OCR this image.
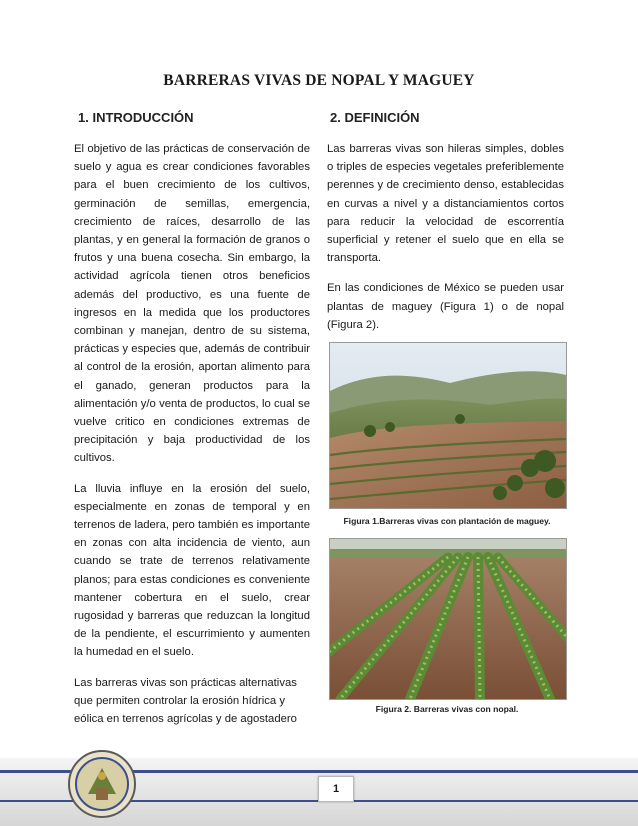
BARRERAS VIVAS DE NOPAL Y MAGUEY
1. INTRODUCCIÓN	2. DEFINICIÓN

El objetivo de las prácticas de conservación de suelo y agua es crear condiciones favorables para el buen crecimiento de los cultivos, germinación de semillas, emergencia, crecimiento de raíces, desarrollo de las plantas, y en general la formación de granos o frutos y una buena cosecha. Sin embargo, la actividad agrícola tienen otros beneficios además del productivo, es una fuente de ingresos en la medida que los productores combinan y manejan, dentro de su sistema, prácticas y especies que, además de contribuir al control de la erosión, aportan alimento para el ganado, generan productos para la alimentación y/o venta de productos, lo cual se vuelve critico en condiciones extremas de precipitación y baja productividad de los cultivos.

La lluvia influye en la erosión del suelo, especialmente en zonas de temporal y en terrenos de ladera, pero también es importante en zonas con alta incidencia de viento, aun cuando se trate de terrenos relativamente planos; para estas condiciones es conveniente mantener cobertura en el suelo, crear rugosidad y barreras que reduzcan la longitud de la pendiente, el escurrimiento y aumenten la humedad en el suelo.

Las barreras vivas son prácticas alternativas que permiten controlar la erosión hídrica y eólica en terrenos agrícolas y de agostadero

Las barreras vivas son hileras simples, dobles o triples de especies vegetales preferiblemente perennes y de crecimiento denso, establecidas en curvas a nivel y a distanciamientos cortos para reducir la velocidad de escorrentía superficial y retener el suelo que en ella se transporta.

En las condiciones de México se pueden usar plantas de maguey (Figura 1) o de nopal (Figura 2).

Figura 1.Barreras vivas con plantación de maguey.
Figura 2. Barreras vivas con nopal.
1
